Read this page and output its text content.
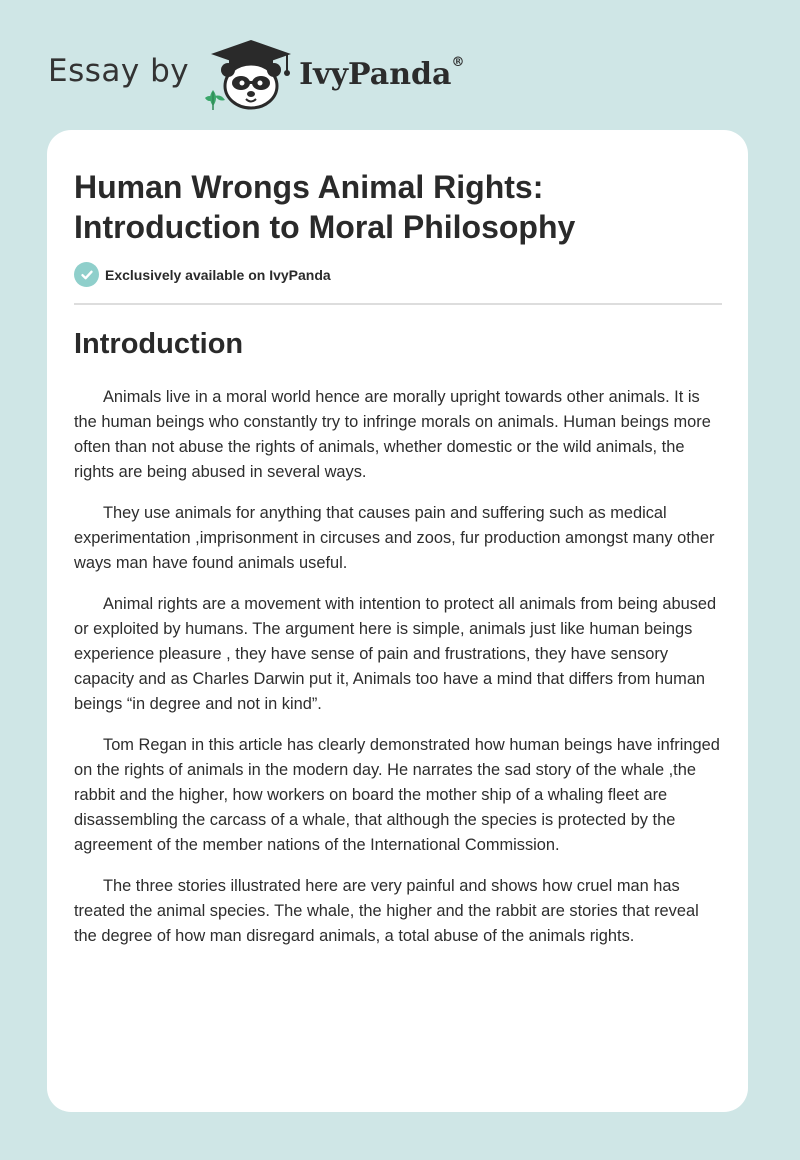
Essay by	IvyPanda®
Human Wrongs Animal Rights: Introduction to Moral Philosophy
Exclusively available on IvyPanda
Introduction

Animals live in a moral world hence are morally upright towards other animals. It is the human beings who constantly try to infringe morals on animals. Human beings more often than not abuse the rights of animals, whether domestic or the wild animals, the rights are being abused in several ways.

They use animals for anything that causes pain and suffering such as medical experimentation ,imprisonment in circuses and zoos, fur production amongst many other ways man have found animals useful.

Animal rights are a movement with intention to protect all animals from being abused or exploited by humans. The argument here is simple, animals just like human beings experience pleasure , they have sense of pain and frustrations, they have sensory capacity and as Charles Darwin put it, Animals too have a mind that differs from human beings “in degree and not in kind”.

Tom Regan in this article has clearly demonstrated how human beings have infringed on the rights of animals in the modern day. He narrates the sad story of the whale ,the rabbit and the higher, how workers on board the mother ship of a whaling fleet are disassembling the carcass of a whale, that although the species is protected by the agreement of the member nations of the International Commission.

The three stories illustrated here are very painful and shows how cruel man has treated the animal species. The whale, the higher and the rabbit are stories that reveal the degree of how man disregard animals, a total abuse of the animals rights.
